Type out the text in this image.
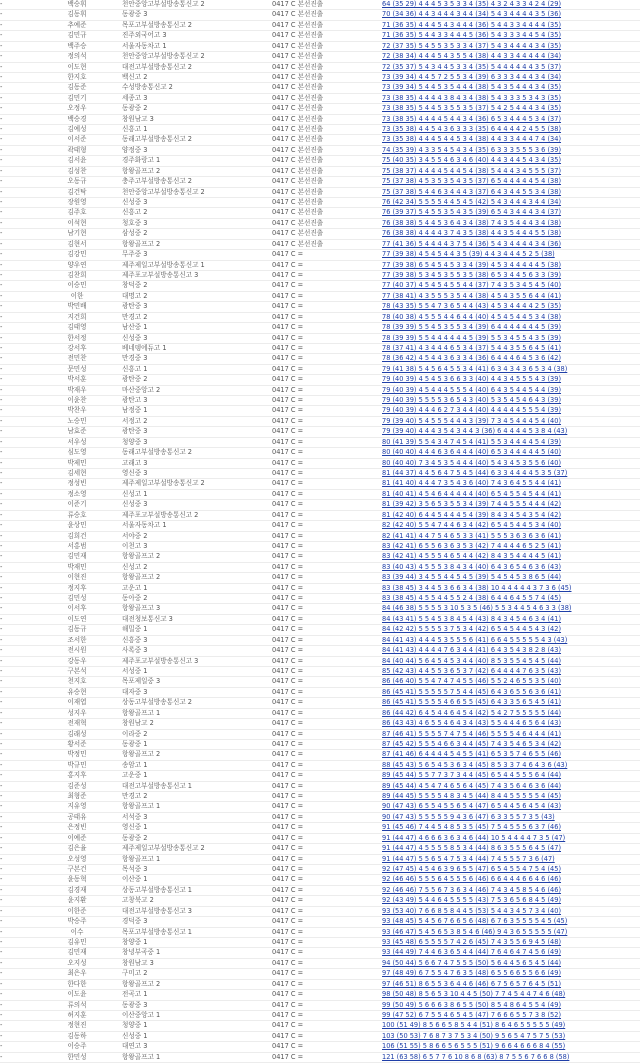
-	백승휘	천안중앙고부설방송통신고 2	0417 C 본선진출	64 (35 29) 4 4 4 5 3 5 3 3 4 (35) 4 3 2 4 3 3 4 2 4 (29)
-	김동휘	동광중 3	0417 C 본선진출	70 (34 36) 4 4 3 4 4 4 3 4 4 (34) 5 4 3 4 4 4 4 3 5 (36)
-	추예준	목포고부설방송통신고 2	0417 C 본선진출	71 (36 35) 4 4 4 5 4 3 4 4 4 (36) 5 4 4 3 3 4 4 4 4 (35)
-	김민규	진주외국어고 3	0417 C 본선진출	71 (36 35) 5 4 4 3 3 4 4 4 5 (36) 5 4 3 3 3 4 4 5 4 (35)
-	백주승	서울자동차고 1	0417 C 본선진출	72 (37 35) 5 4 5 5 3 5 3 3 4 (37) 5 4 3 4 4 4 4 3 4 (35)
-	정의석	천안중앙고부설방송통신고 2	0417 C 본선진출	72 (38 34) 4 4 4 5 4 3 5 5 4 (38) 4 4 3 3 4 4 4 4 4 (34)
-	이도현	대전고부설방송통신고 2	0417 C 본선진출	72 (35 37) 5 4 3 4 4 5 3 3 4 (35) 5 4 4 4 4 4 4 3 5 (37)
-	한지호	백신고 2	0417 C 본선진출	73 (39 34) 4 4 5 7 2 5 5 3 4 (39) 6 3 3 3 4 4 4 3 4 (34)
-	김동준	수성방송통신고 2	0417 C 본선진출	73 (39 34) 5 4 4 5 3 5 4 4 4 (38) 5 4 3 5 4 4 4 3 4 (35)
-	김민기	세종고 3	0417 C 본선진출	73 (38 35) 4 4 4 4 3 8 4 3 4 (38) 5 4 3 3 3 5 3 4 3 (35)
-	오정우	동광중 2	0417 C 본선진출	73 (38 35) 5 4 4 5 3 5 5 3 5 (37) 5 4 2 5 4 4 4 3 4 (35)
-	백승경	창원남고 3	0417 C 본선진출	73 (38 35) 4 4 4 4 5 4 4 3 4 (36) 6 5 3 4 4 4 5 3 4 (37)
-	김예성	신흥고 1	0417 C 본선진출	73 (35 38) 4 4 5 4 3 6 3 3 3 (35) 6 4 4 4 4 2 4 5 5 (38)
-	이서준	동래고부설방송통신고 2	0417 C 본선진출	73 (35 38) 4 4 4 5 4 4 5 3 4 (38) 4 4 3 3 4 4 4 7 4 (34)
-	곽태형	양정중 3	0417 C 본선진출	74 (35 39) 4 3 3 5 4 5 4 3 4 (35) 6 3 3 3 5 5 5 3 6 (39)
-	김서윤	경주화랑고 1	0417 C 본선진출	75 (40 35) 3 4 5 5 4 6 3 4 6 (40) 4 4 3 4 4 5 4 3 4 (35)
-	김성찬	항왕골프고 2	0417 C 본선진출	75 (38 37) 4 4 4 4 5 4 4 5 4 (38) 5 4 4 4 3 4 5 5 5 (37)
-	오동규	충주고부설방송통신고 2	0417 C 본선진출	75 (37 38) 4 5 3 5 3 5 4 3 5 (37) 6 5 4 4 4 4 4 5 4 (38)
-	김건탁	천안중앙고부설방송통신고 2	0417 C 본선진출	75 (37 38) 5 4 4 6 3 4 4 4 3 (37) 6 4 3 4 4 5 5 3 4 (38)
-	장원영	신성중 3	0417 C 본선진출	76 (42 34) 5 5 5 5 4 4 5 4 5 (42) 5 4 3 4 4 4 3 4 4 (34)
-	김주호	신흥고 2	0417 C 본선진출	76 (39 37) 5 4 5 5 3 5 4 3 5 (39) 6 5 4 3 4 4 4 3 4 (37)
-	이석현	청호중 3	0417 C 본선진출	76 (38 38) 5 4 4 5 3 6 4 3 4 (38) 7 4 3 5 4 4 4 3 4 (38)
-	남기현	삼성중 2	0417 C 본선진출	76 (38 38) 4 4 4 4 3 7 4 3 5 (38) 4 4 3 5 4 4 4 5 5 (38)
-	김현서	항왕골프고 2	0417 C 본선진출	77 (41 36) 5 4 4 4 4 3 7 5 4 (36) 5 4 3 4 4 4 4 3 4 (36)
-	김강민	무주중 3	0417 C =	77 (39 38) 4 5 4 5 4 4 3 5 (39) 4 4 3 4 4 4 5 2 5 (38)
-	양우연	제주제일고부설방송통신고 1	0417 C =	77 (39 38) 6 5 4 5 4 5 3 3 4 (39) 4 5 3 4 4 4 4 4 5 (38)
-	김찬희	제주포고부설방송통신고 3	0417 C =	77 (39 38) 5 3 4 5 3 5 5 3 5 (38) 6 5 3 4 4 5 6 3 3 (39)
-	이승민	창덕중 2	0417 C =	77 (40 37) 4 5 4 5 4 5 5 4 4 (37) 7 4 3 5 3 4 5 4 5 (40)
-	이한	대명고 2	0417 C =	77 (38 41) 4 3 5 5 5 3 5 4 4 (38) 4 5 4 3 5 5 6 4 4 (41)
-	박민배	광탄중 3	0417 C =	78 (43 35) 5 5 4 7 3 6 5 4 4 (43) 4 5 3 4 4 4 4 2 5 (35)
-	지건희	만경고 2	0417 C =	78 (40 38) 4 5 5 5 4 4 6 4 4 (40) 4 5 4 5 4 4 5 3 4 (38)
-	김태영	남산중 1	0417 C =	78 (39 39) 5 5 4 5 3 5 5 3 4 (39) 6 4 4 4 4 4 4 4 5 (39)
-	한서정	신성중 3	0417 C =	78 (39 39) 5 5 4 4 4 4 4 4 5 (39) 5 5 3 4 5 5 4 3 5 (39)
-	강서후	베네뎅에듀고 1	0417 C =	78 (37 41) 4 3 4 4 4 6 5 3 4 (37) 5 4 4 3 5 5 6 4 5 (41)
-	전민찬	만경중 3	0417 C =	78 (36 42) 4 5 4 4 3 6 3 3 4 (36) 6 4 4 4 6 4 5 3 6 (42)
-	문민성	신흥고 1	0417 C =	79 (41 38) 5 4 5 6 4 5 5 3 4 (41) 6 3 4 3 4 3 6 5 3 4 (38)
-	박서훈	광탄중 2	0417 C =	79 (40 39) 4 5 4 5 3 6 6 3 3 (40) 4 4 3 4 5 5 5 4 3 (39)
-	박재우	마산중앙고 2	0417 C =	79 (40 39) 4 5 4 4 4 5 5 5 4 (40) 6 4 3 5 4 4 5 4 4 (39)
-	이윤찬	광탄고 3	0417 C =	79 (40 39) 5 5 5 5 3 6 5 4 3 (40) 5 3 5 4 5 4 6 4 3 (39)
-	박찬우	남정중 1	0417 C =	79 (40 39) 4 4 4 6 2 7 3 4 4 (40) 4 4 4 4 4 5 5 5 4 (39)
-	노승민	서정고 2	0417 C =	79 (39 40) 5 4 5 5 5 4 4 4 3 (39) 7 3 4 5 4 4 4 5 4 (40)
-	남효준	광탄중 3	0417 C =	79 (39 40) 4 4 4 3 5 4 3 4 4 3 (36) 6 4 4 4 4 5 3 8 4 (43)
-	서우성	청양중 3	0417 C =	80 (41 39) 5 5 4 3 4 7 4 5 4 (41) 5 5 3 4 4 4 4 5 4 (39)
-	심도영	동래고부설방송통신고 2	0417 C =	80 (40 40) 4 4 4 6 3 6 4 4 4 (40) 6 5 3 4 4 4 4 4 5 (40)
-	박제민	고래고 3	0417 C =	80 (40 40) 7 3 4 5 3 5 4 4 4 (40) 5 4 3 4 5 3 5 5 6 (40)
-	김세현	영신중 3	0417 C =	81 (44 37) 4 4 5 6 4 7 5 4 5 (44) 6 3 3 4 4 4 4 5 3 5 (37)
-	정성빈	제주제일고부설방송통신고 2	0417 C =	81 (41 40) 4 4 4 7 3 5 4 3 6 (40) 7 4 3 6 4 5 5 4 4 (41)
-	정소영	신성고 1	0417 C =	81 (40 41) 4 5 4 6 4 4 4 4 4 (40) 6 5 4 5 5 4 5 4 4 (41)
-	이준기	신성중 3	0417 C =	81 (39 42) 3 5 6 5 3 5 5 3 4 (39) 7 4 4 5 5 5 4 4 4 (42)
-	류승호	제주포고부설방송통신고 2	0417 C =	81 (42 40) 6 4 4 5 4 4 4 5 4 (39) 8 4 3 4 5 4 3 5 4 (42)
-	윤상민	서울자동차고 1	0417 C =	82 (42 40) 5 5 4 7 4 4 6 3 4 (42) 6 5 4 5 4 4 5 3 4 (40)
-	김희건	서야중 2	0417 C =	82 (41 41) 4 4 7 5 4 6 5 3 3 (41) 5 5 5 3 6 3 6 3 6 (41)
-	서홍범	이천고 3	0417 C =	83 (42 41) 6 5 5 6 3 6 3 5 3 (42) 7 4 4 4 4 6 5 2 5 (41)
-	김민재	항왕골프고 2	0417 C =	83 (42 41) 4 5 5 5 4 6 5 4 4 (42) 8 4 3 5 4 4 4 4 5 (41)
-	박재민	신성고 2	0417 C =	83 (40 43) 4 5 5 5 3 8 4 3 4 (40) 6 4 3 6 5 4 6 3 6 (43)
-	이현진	항왕골프고 2	0417 C =	83 (39 44) 3 4 5 5 4 4 5 4 5 (39) 5 4 5 4 5 3 8 6 5 (44)
-	정지후	고운고 1	0417 C =	83 (38 45) 3 4 4 5 3 6 6 3 4 (38) 10 4 4 4 4 4 3 7 3 6 (45)
-	김민성	동아중 2	0417 C =	83 (38 45) 4 5 5 4 4 5 5 2 4 (38) 6 4 4 6 4 5 5 7 4 (45)
-	이서후	항왕골프고 3	0417 C =	84 (46 38) 5 5 5 5 3 10 5 3 5 (46) 5 5 3 4 4 5 4 6 3 3 (38)
-	이도연	대전청보통신고 3	0417 C =	84 (43 41) 5 5 4 5 3 8 4 5 4 (43) 8 4 3 4 5 4 6 3 4 (41)
-	김동규	해밀중 1	0417 C =	84 (42 42) 5 5 5 5 3 7 5 3 4 (42) 6 5 4 5 4 4 5 4 3 (42)
-	조서한	신흥중 3	0417 C =	84 (41 43) 4 4 4 5 3 5 5 5 6 (41) 6 6 4 5 5 5 5 5 4 3 (43)
-	전시원	사록중 3	0417 C =	84 (41 43) 4 4 4 4 7 6 3 4 4 (41) 6 4 3 5 4 3 8 2 8 (43)
-	강동우	제주포고부설방송통신고 3	0417 C =	84 (40 44) 5 6 4 5 4 5 3 4 4 (40) 8 5 3 5 5 4 5 4 5 (44)
-	구본석	서성중 1	0417 C =	85 (42 43) 4 4 5 5 3 6 5 3 7 (42) 6 4 4 4 4 7 6 3 5 (43)
-	천지호	목포제일중 3	0417 C =	86 (46 40) 5 5 4 7 4 7 4 5 5 (46) 5 5 2 4 6 5 5 3 5 (40)
-	유승현	대자중 3	0417 C =	86 (45 41) 5 5 5 5 5 7 5 4 4 (45) 6 4 3 6 5 5 6 3 6 (41)
-	이재엽	상동고부설방송통신고 2	0417 C =	86 (45 41) 5 5 5 5 4 6 6 5 5 (45) 6 4 3 3 5 6 5 4 5 (41)
-	성지우	항왕골프고 1	0417 C =	86 (44 42) 6 4 5 4 4 6 4 5 4 (42) 5 4 2 7 5 5 5 5 5 (44)
-	전재혁	창원남고 2	0417 C =	86 (43 43) 4 6 5 5 4 6 4 3 4 (43) 5 5 4 4 4 6 5 6 4 (43)
-	김래성	이라중 2	0417 C =	87 (46 41) 5 5 5 5 7 4 7 5 4 (46) 5 5 5 5 4 6 4 4 4 (41)
-	황서준	동광중 1	0417 C =	87 (45 42) 5 5 5 4 6 6 3 4 4 (45) 7 4 3 5 4 6 5 3 4 (42)
-	박정민	항왕골프고 2	0417 C =	87 (41 46) 6 4 4 4 4 5 4 5 5 (41) 6 5 3 5 7 4 6 5 5 (46)
-	박규민	송암고 1	0417 C =	88 (45 43) 5 6 5 4 5 3 6 3 4 (45) 8 5 3 3 7 4 6 4 3 6 (43)
-	홍지후	고운중 1	0417 C =	89 (45 44) 5 5 7 7 3 7 3 4 4 (45) 6 5 4 4 5 5 5 6 4 (44)
-	김준성	대전고부설방송통신고 1	0417 C =	89 (45 44) 4 5 4 7 4 6 5 6 4 (45) 7 4 3 5 6 4 6 3 6 (44)
-	최형준	만경고 2	0417 C =	89 (44 45) 5 5 5 5 4 8 3 4 5 (44) 8 4 4 5 5 5 5 5 4 (45)
-	지유영	항왕골프고 1	0417 C =	90 (47 43) 6 5 5 4 5 5 6 5 4 (47) 6 5 4 4 5 6 4 5 4 (43)
-	공태유	서석중 3	0417 C =	90 (47 43) 5 5 5 5 5 9 4 3 6 (47) 6 3 3 5 5 7 3 5 (43)
-	은정빈	영신중 1	0417 C =	91 (45 46) 7 4 4 5 4 8 5 3 5 (45) 7 5 4 5 5 5 6 3 7 (46)
-	이예준	동광중 2	0417 C =	91 (44 47) 4 6 6 6 3 6 3 4 6 (44) 10 5 4 4 4 4 7 3 5 (47)
-	김은율	제주제일고부설방송통신고 2	0417 C =	91 (44 47) 4 5 5 5 5 8 5 3 4 (44) 8 6 3 5 5 5 6 4 5 (47)
-	오성영	항왕골프고 1	0417 C =	91 (44 47) 5 5 6 5 4 7 5 3 4 (44) 7 4 5 5 5 7 3 6 (47)
-	구본건	목석중 3	0417 C =	92 (47 45) 4 5 4 6 3 9 6 5 5 (47) 6 5 4 5 5 4 7 5 4 (45)
-	윤동혁	이산중 1	0417 C =	92 (46 46) 5 5 5 6 4 5 5 5 6 (46) 6 6 4 4 4 6 6 4 6 (46)
-	김경재	상동고부설방송통신고 1	0417 C =	92 (46 46) 7 5 5 6 7 3 6 3 4 (46) 7 4 3 4 5 8 5 4 6 (46)
-	윤지환	고창북고 2	0417 C =	92 (43 49) 5 4 4 6 4 5 5 5 5 (43) 7 5 3 6 5 6 8 4 5 (49)
-	이한준	대전고부설방송통신고 3	0417 C =	93 (53 40) 7 6 6 8 5 8 4 4 5 (53) 5 4 4 3 4 5 7 3 4 (40)
-	박승주	경덕중 3	0417 C =	93 (48 45) 5 4 5 6 7 6 6 5 6 (48) 6 7 6 3 5 5 5 5 4 5 (45)
-	이수	목포고부설방송통신고 1	0417 C =	93 (46 47) 5 4 5 6 5 3 8 5 4 6 (46) 9 4 3 6 5 5 5 5 5 (47)
-	김유민	창양중 1	0417 C =	93 (45 48) 6 5 5 5 5 7 4 2 6 (45) 7 4 3 5 5 6 9 4 5 (48)
-	김민재	창녕부곡중 1	0417 C =	93 (44 49) 7 4 4 6 3 6 5 4 4 (44) 7 6 4 6 4 7 4 5 6 (49)
-	오지성	창원남고 3	0417 C =	94 (50 44) 5 6 6 7 4 7 5 5 5 (50) 5 6 4 4 5 6 5 4 5 (44)
-	최은우	구미고 2	0417 C =	97 (48 49) 6 7 5 5 4 7 6 3 5 (48) 6 5 5 6 6 5 5 6 6 (49)
-	한다한	항왕골프고 2	0417 C =	97 (46 51) 8 6 5 5 3 6 4 4 6 (46) 6 7 5 6 5 7 6 4 5 (51)
-	이도윤	전곡고 1	0417 C =	98 (50 48) 8 5 6 5 3 10 4 4 5 (50) 7 7 4 5 4 4 7 4 6 (48)
-	류의석	동광중 3	0417 C =	99 (50 49) 5 6 6 6 3 8 6 5 5 (50) 8 5 4 8 6 4 5 5 4 (49)
-	허지훈	이산중앙고 1	0417 C =	99 (47 52) 6 7 5 5 4 6 5 4 5 (47) 7 6 6 6 5 5 7 3 8 (52)
-	정현진	청양중 1	0417 C =	100 (51 49) 8 5 6 6 5 8 5 4 4 (51) 8 6 4 6 5 5 5 5 5 (49)
-	김동하	신성중 1	0417 C =	103 (50 53) 7 6 8 7 3 7 5 3 4 (50) 9 5 6 5 4 7 5 7 5 (53)
-	이승주	대연고 3	0417 C =	106 (51 55) 5 8 6 6 5 6 5 5 5 (51) 9 6 6 4 6 6 6 8 4 (55)
-	한민성	항왕골프고 1	0417 C =	121 (63 58) 6 5 7 7 6 10 8 6 8 (63) 8 7 5 5 6 7 6 6 8 (58)
